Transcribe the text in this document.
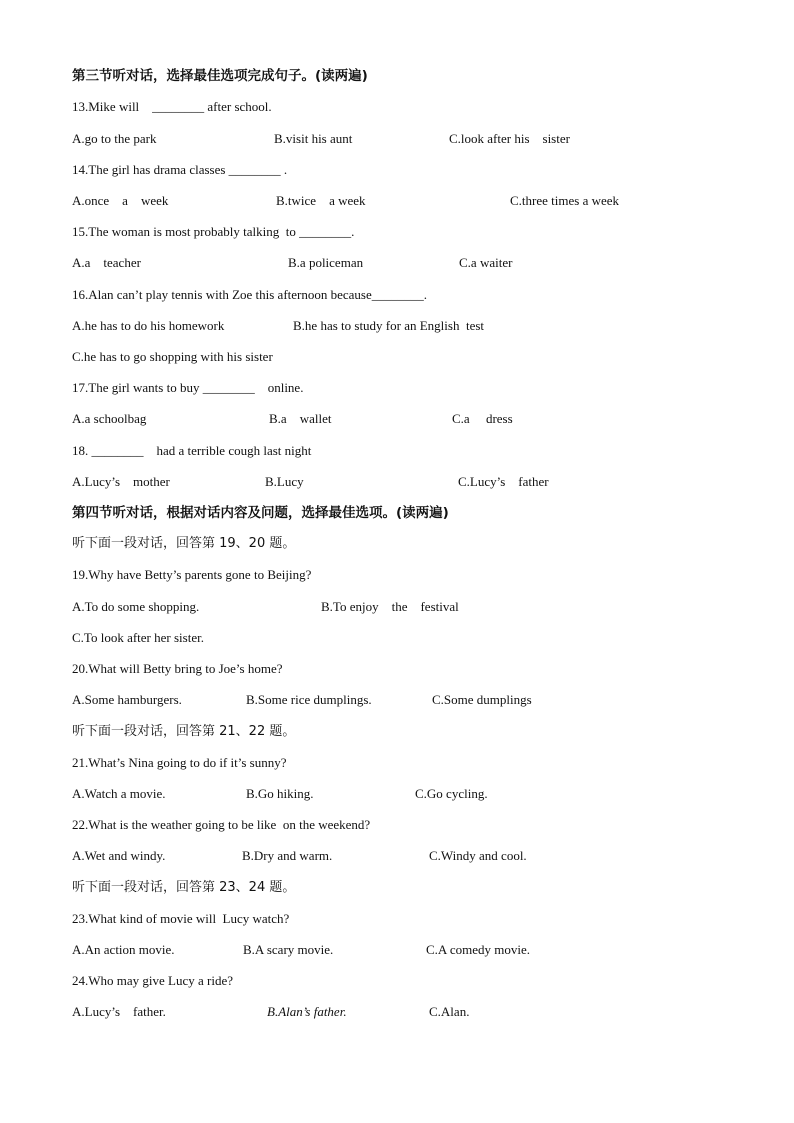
第三节听对话，选择最佳选项完成句子。(读两遍)
13.Mike will    ________ after school.
A.go to the park	B.visit his aunt	C.look after his    sister
14.The girl has drama classes ________ .
A.once    a    week	B.twice    a week	C.three times a week
15.The woman is most probably talking  to ________.
A.a    teacher	B.a policeman	C.a waiter
16.Alan can’t play tennis with Zoe this afternoon because________.
A.he has to do his homework	B.he has to study for an English  test
C.he has to go shopping with his sister
17.The girl wants to buy ________    online.
A.a schoolbag	B.a    wallet	C.a     dress
18. ________    had a terrible cough last night
A.Lucy’s    mother	B.Lucy	C.Lucy’s    father
第四节听对话，根据对话内容及问题，选择最佳选项。(读两遍)
听下面一段对话，回答第 19、20 题。
19.Why have Betty’s parents gone to Beijing?
A.To do some shopping.	B.To enjoy    the    festival
C.To look after her sister.
20.What will Betty bring to Joe’s home?
A.Some hamburgers.	B.Some rice dumplings.	C.Some dumplings
听下面一段对话，回答第 21、22 题。
21.What’s Nina going to do if it’s sunny?
A.Watch a movie.	B.Go hiking.	C.Go cycling.
22.What is the weather going to be like  on the weekend?
A.Wet and windy.	B.Dry and warm.	C.Windy and cool.
听下面一段对话，回答第 23、24 题。
23.What kind of movie will  Lucy watch?
A.An action movie.	B.A scary movie.	C.A comedy movie.
24.Who may give Lucy a ride?
A.Lucy’s    father.	B.Alan’s father.	C.Alan.
